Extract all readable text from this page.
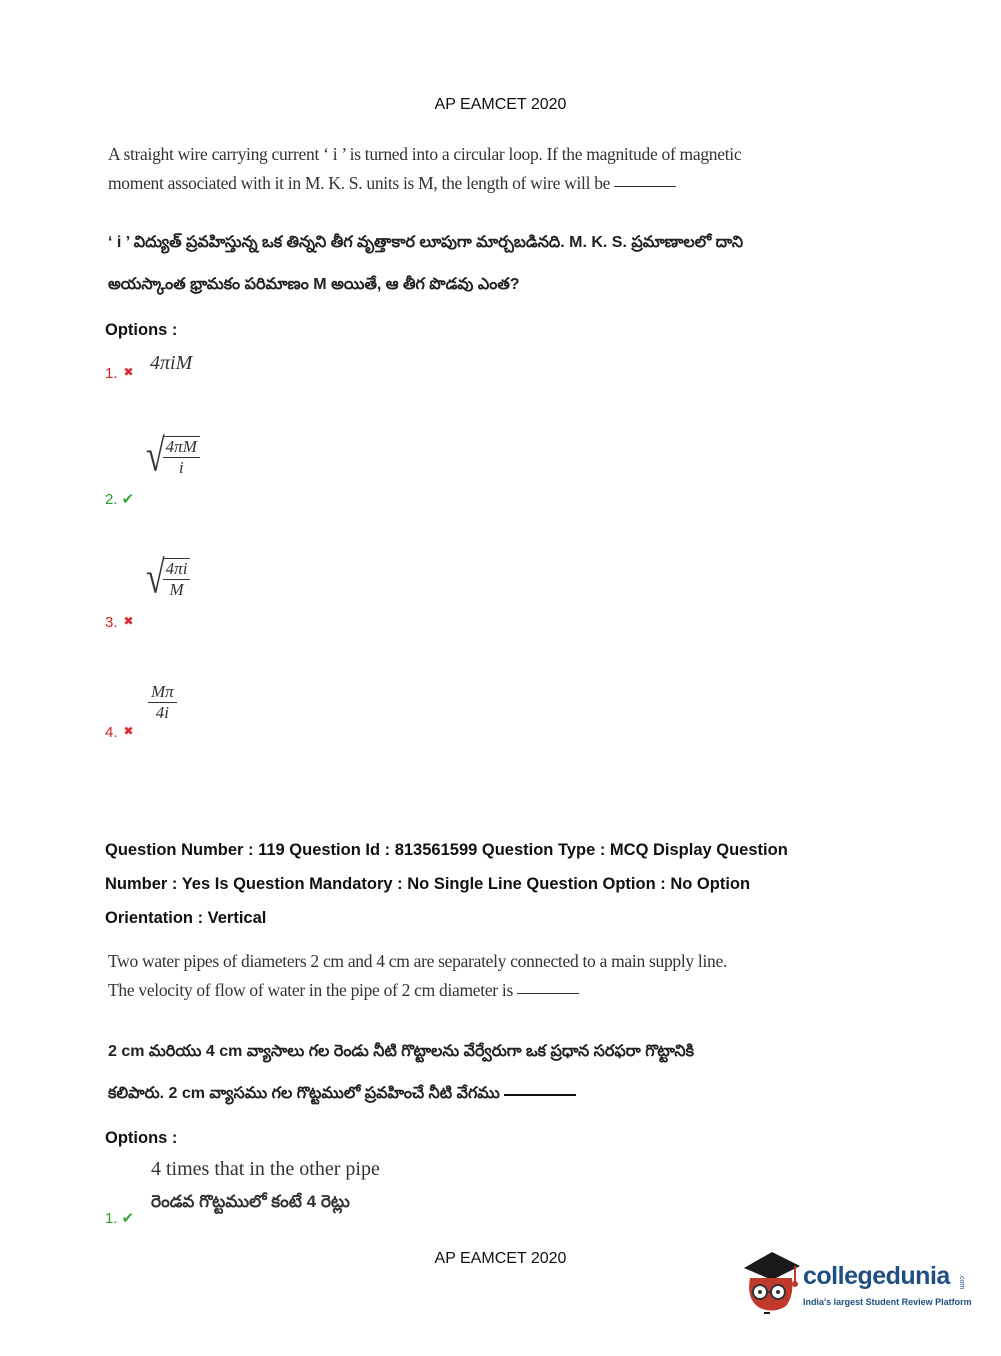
AP EAMCET 2020
A straight wire carrying current ‘ i ’ is turned into a circular loop. If the magnitude of magnetic
moment associated with it in M. K. S. units is M, the length of wire will be
‘ i ’ విద్యుత్ ప్రవహిస్తున్న ఒక తిన్నని తీగ వృత్తాకార లూపుగా మార్చబడినది. M. K. S. ప్రమాణాలలో దాని
అయస్కాంత భ్రామకం పరిమాణం M అయితే, ఆ తీగ పొడవు ఎంత?
Options :
1. ✖ 4πiM
2. ✔
√
$\frac{4\pi M}{i}$
3. ✖
√
$\frac{4\pi i}{M}$
4. ✖
$\frac{M\pi}{4i}$
Question Number : 119 Question Id : 813561599 Question Type : MCQ Display Question
Number : Yes Is Question Mandatory : No Single Line Question Option : No Option
Orientation : Vertical
Two water pipes of diameters 2 cm and 4 cm are separately connected to a main supply line.
The velocity of flow of water in the pipe of 2 cm diameter is
2 cm మరియు 4 cm వ్యాసాలు గల రెండు నీటి గొట్టాలను వేర్వేరుగా ఒక ప్రధాన సరఫరా గొట్టానికి
కలిపారు. 2 cm వ్యాసము గల గొట్టములో ప్రవహించే నీటి వేగము
Options :
1. ✔
4 times that in the other pipe
రెండవ గొట్టములో కంటే 4 రెట్లు
AP EAMCET 2020
collegedunia .com
India's largest Student Review Platform
